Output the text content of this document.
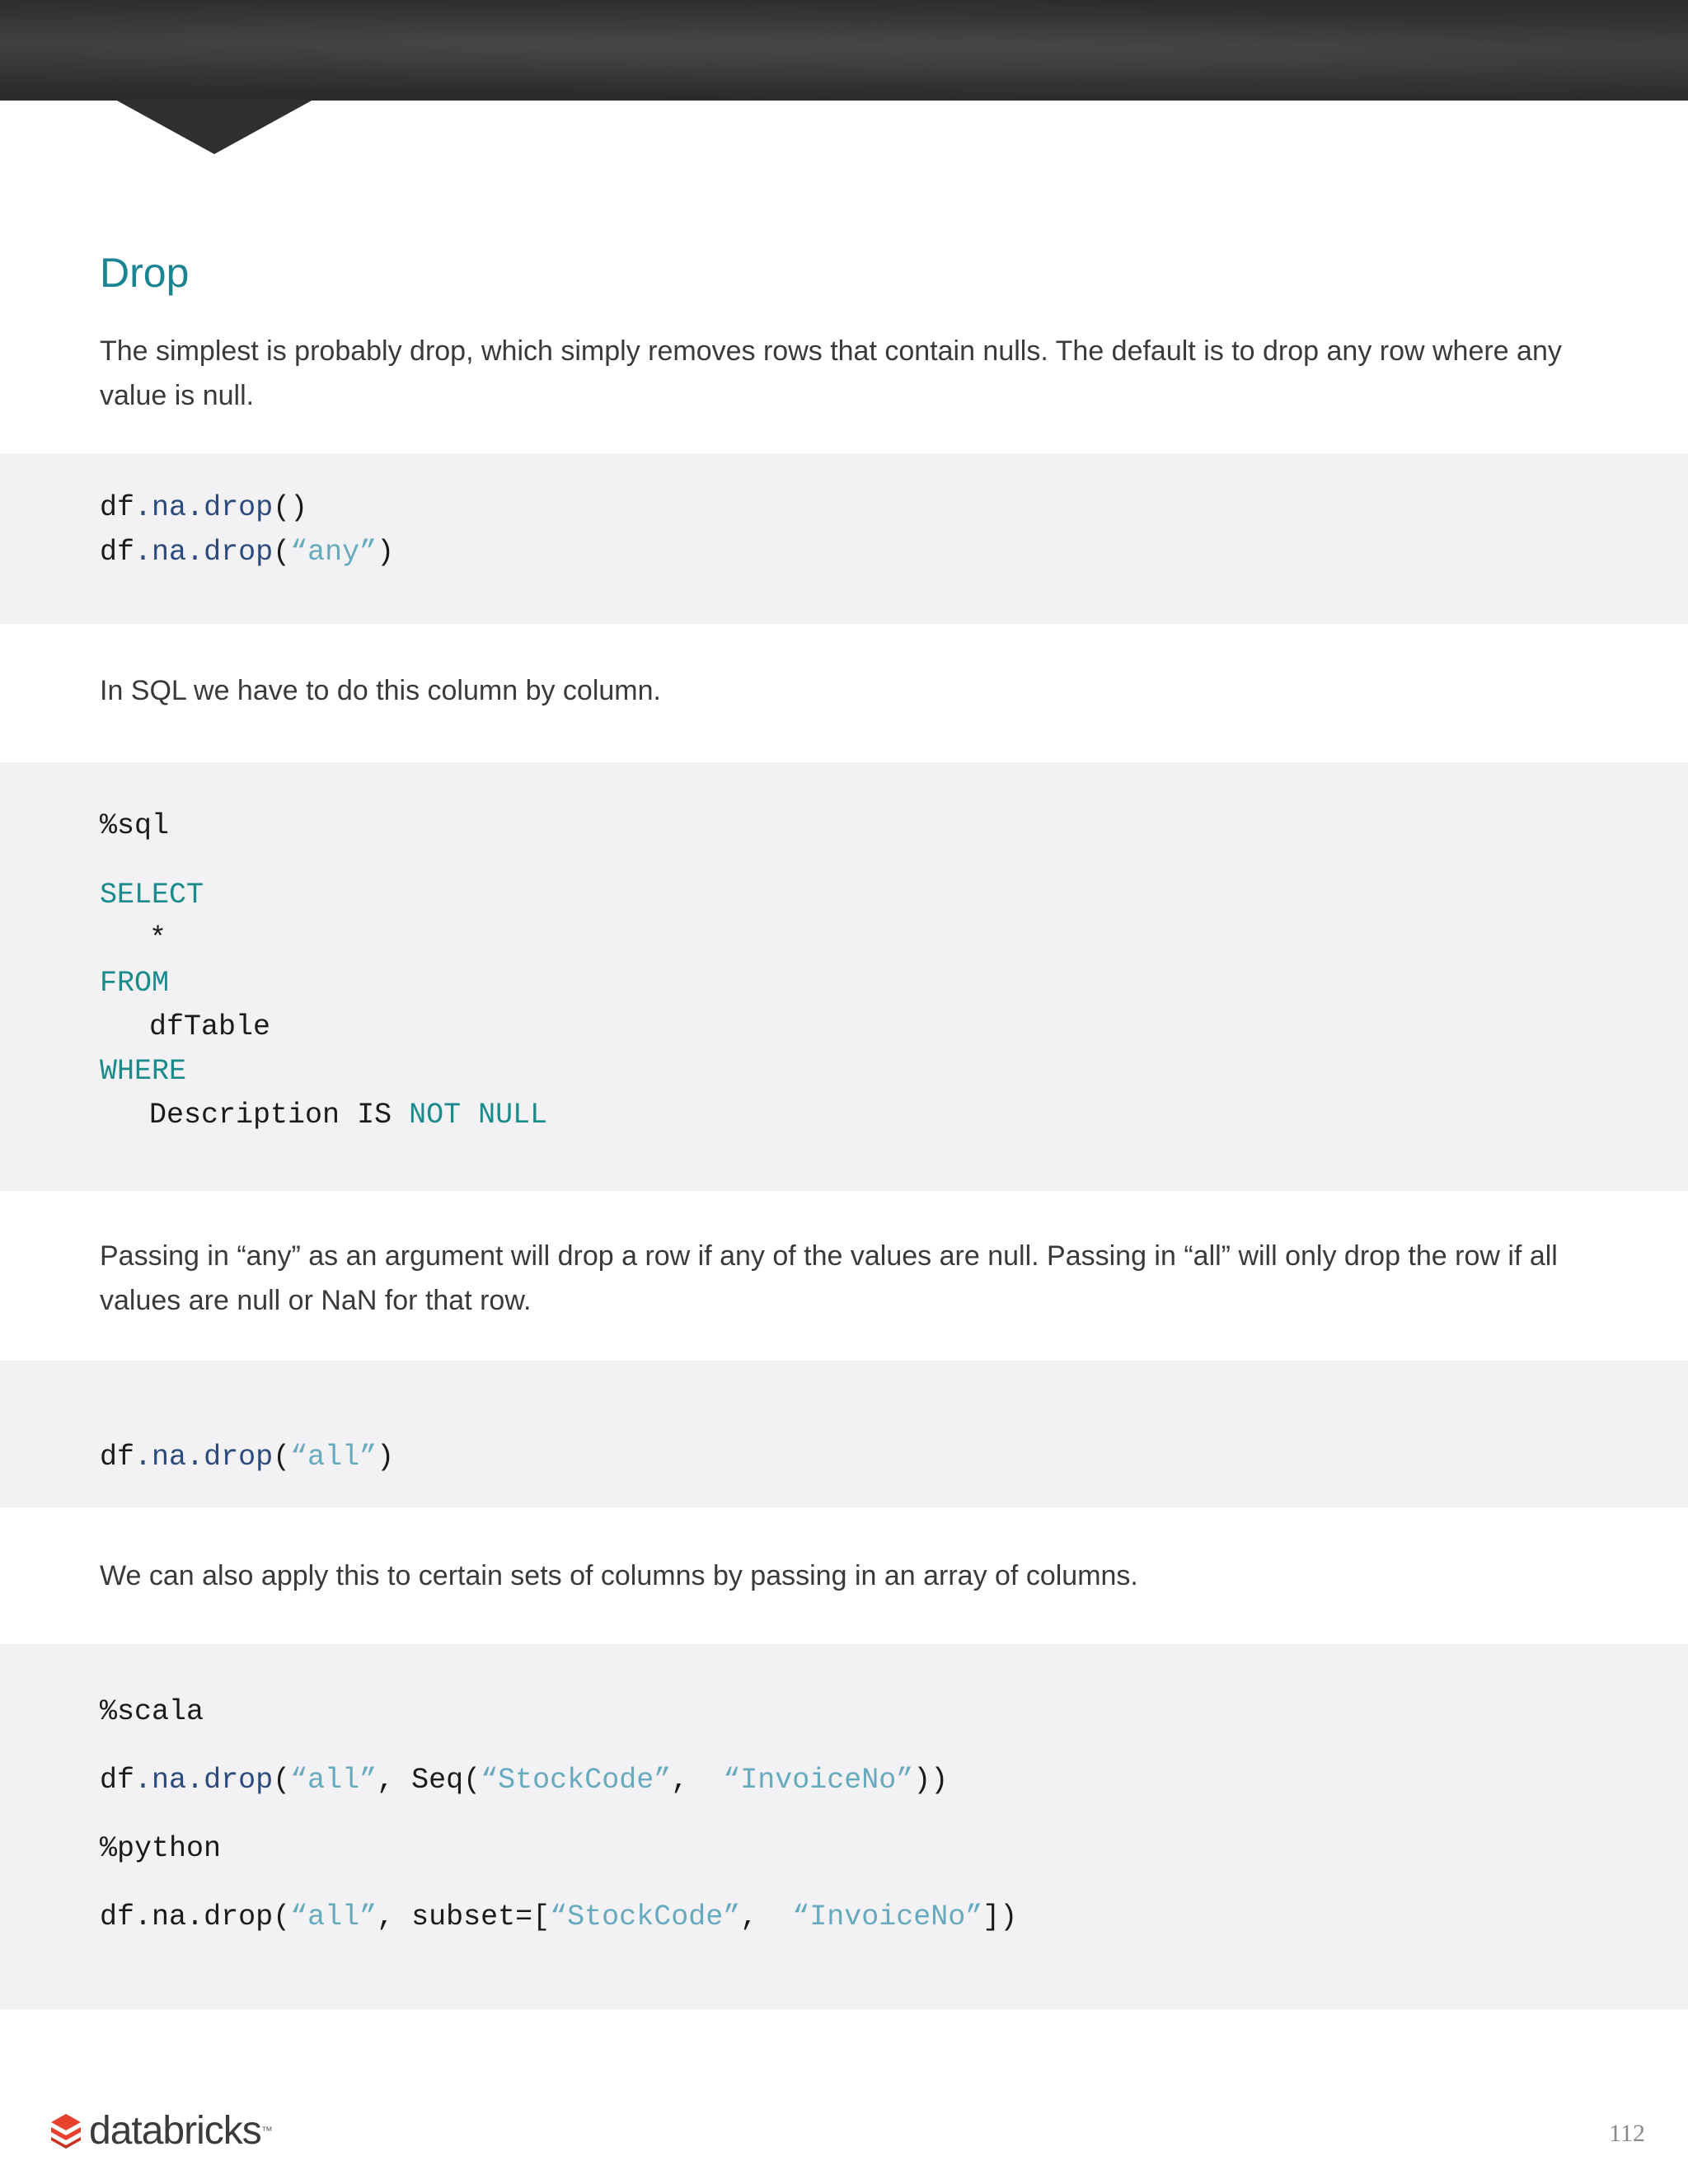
Drop

The simplest is probably drop, which simply removes rows that contain nulls. The default is to drop any row where any value is null.

df.na.drop()
df.na.drop(“any”)

In SQL we have to do this column by column.

%sql
SELECT
*
FROM
dfTable
WHERE
Description IS NOT NULL

Passing in “any” as an argument will drop a row if any of the values are null. Passing in “all” will only drop the row if all values are null or NaN for that row.

df.na.drop(“all”)

We can also apply this to certain sets of columns by passing in an array of columns.

%scala
df.na.drop(“all”, Seq(“StockCode”,  “InvoiceNo”))
%python
df.na.drop(“all”, subset=[“StockCode”,  “InvoiceNo”])
databricks ™	112
